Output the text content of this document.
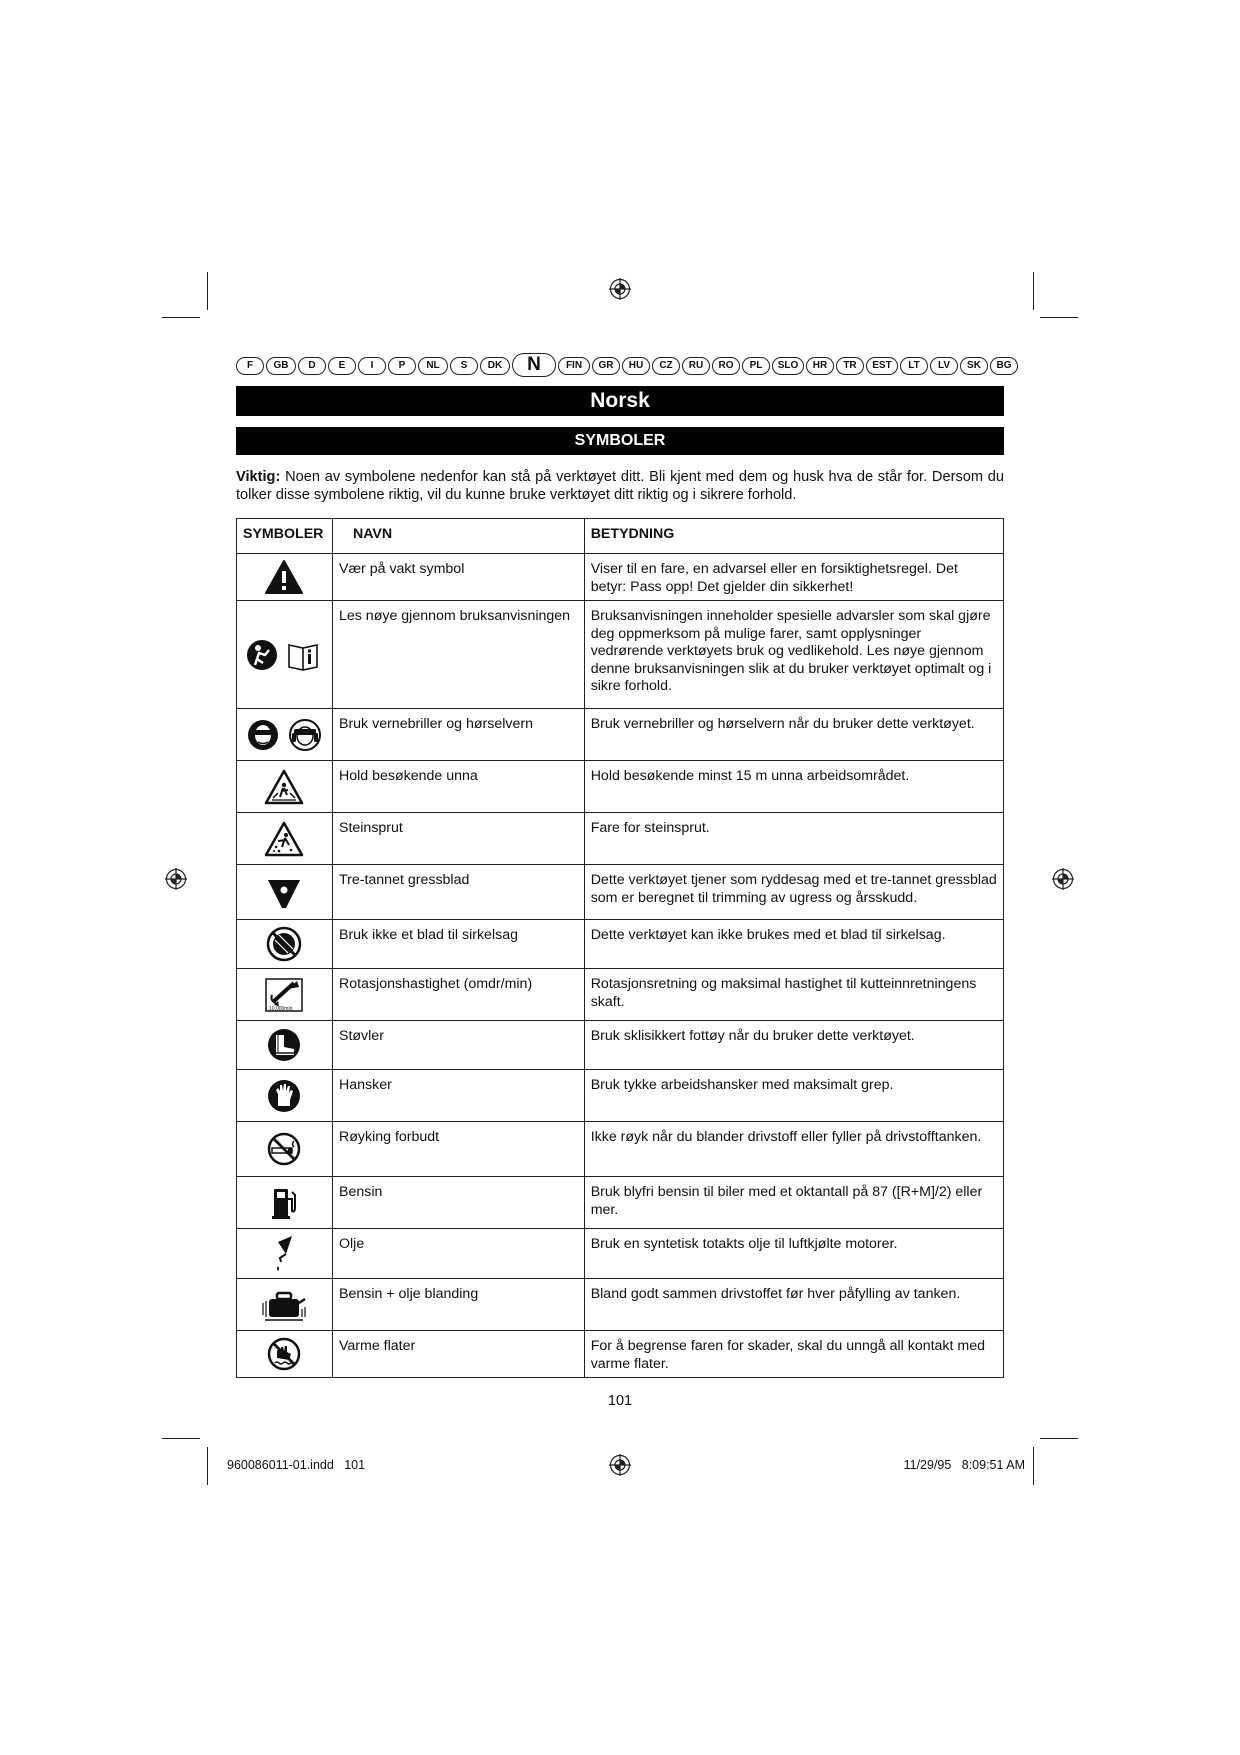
F	GB	D	E	I	P	NL	S	DK	N	FIN	GR	HU	CZ	RU	RO	PL	SLO	HR	TR	EST	LT	LV	SK	BG
Norsk
SYMBOLER
Viktig: Noen av symbolene nedenfor kan stå på verktøyet ditt. Bli kjent med dem og husk hva de står for. Dersom du tolker disse symbolene riktig, vil du kunne bruke verktøyet ditt riktig og i sikrere forhold.
SYMBOLER	NAVN	BETYDNING
	Vær på vakt symbol	Viser til en fare, en advarsel eller en forsiktighetsregel. Det betyr: Pass opp! Det gjelder din sikkerhet!
	Les nøye gjennom bruksanvisningen	Bruksanvisningen inneholder spesielle advarsler som skal gjøre deg oppmerksom på mulige farer, samt opplysninger vedrørende verktøyets bruk og vedlikehold. Les nøye gjennom denne bruksanvisningen slik at du bruker verktøyet optimalt og i sikre forhold.
	Bruk vernebriller og hørselvern	Bruk vernebriller og hørselvern når du bruker dette verktøyet.
	Hold besøkende unna	Hold besøkende minst 15 m unna arbeidsområdet.
	Steinsprut	Fare for steinsprut.
	Tre-tannet gressblad	Dette verktøyet tjener som ryddesag med et tre-tannet gressblad som er beregnet til trimming av ugress og årsskudd.
	Bruk ikke et blad til sirkelsag	Dette verktøyet kan ikke brukes med et blad til sirkelsag.

10,000min	Rotasjonshastighet (omdr/min)	Rotasjonsretning og maksimal hastighet til kutteinnretningens skaft.
	Støvler	Bruk sklisikkert fottøy når du bruker dette verktøyet.
	Hansker	Bruk tykke arbeidshansker med maksimalt grep.
	Røyking forbudt	Ikke røyk når du blander drivstoff eller fyller på drivstofftanken.
	Bensin	Bruk blyfri bensin til biler med et oktantall på 87 ([R+M]/2) eller mer.
	Olje	Bruk en syntetisk totakts olje til luftkjølte motorer.
	Bensin + olje blanding	Bland godt sammen drivstoffet før hver påfylling av tanken.
	Varme flater	For å begrense faren for skader, skal du unngå all kontakt med varme flater.
101
960086011-01.indd   101	11/29/95   8:09:51 AM
